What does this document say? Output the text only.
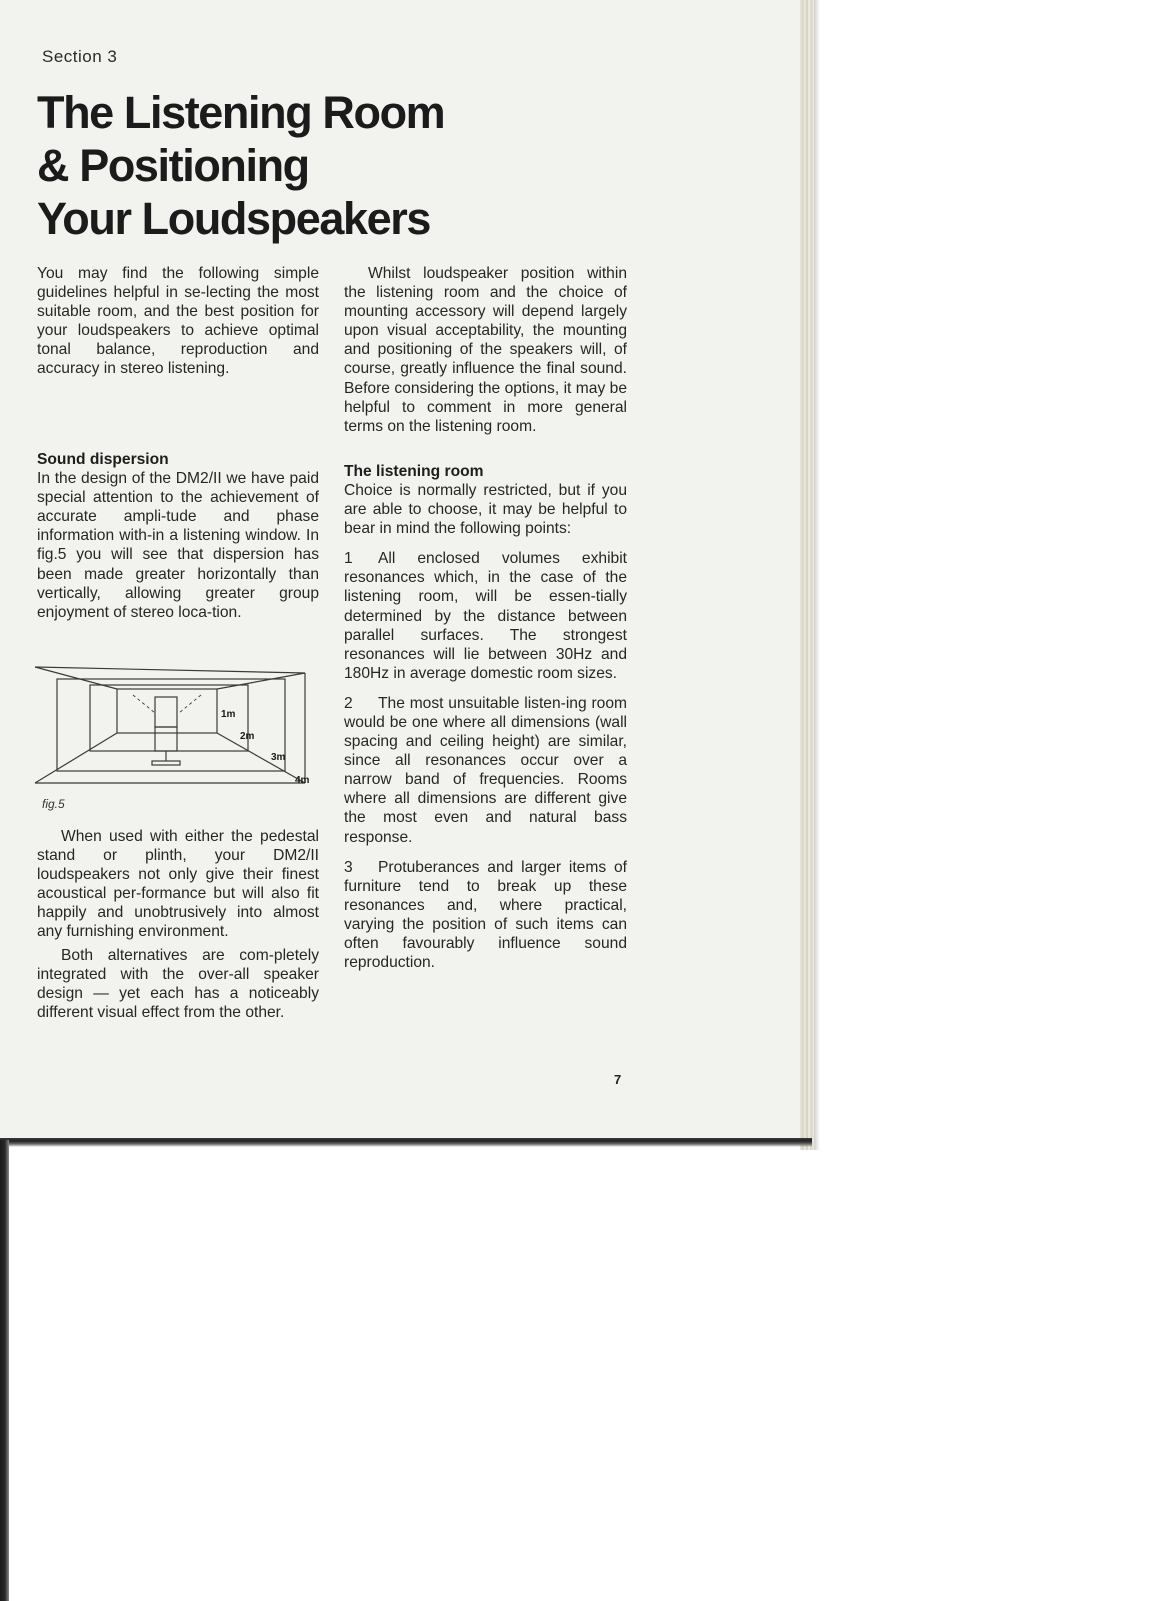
Section 3
The Listening Room
& Positioning
Your Loudspeakers

You may find the following simple guidelines helpful in se-lecting the most suitable room, and the best position for your loudspeakers to achieve optimal tonal balance, reproduction and accuracy in stereo listening.

Sound dispersion

In the design of the DM2/II we have paid special attention to the achievement of accurate ampli-tude and phase information with-in a listening window. In fig.5 you will see that dispersion has been made greater horizontally than vertically, allowing greater group enjoyment of stereo loca-tion.

1m
2m
3m
4m
fig.5

When used with either the pedestal stand or plinth, your DM2/II loudspeakers not only give their finest acoustical per-formance but will also fit happily and unobtrusively into almost any furnishing environment.

Both alternatives are com-pletely integrated with the over-all speaker design — yet each has a noticeably different visual effect from the other.

Whilst loudspeaker position within the listening room and the choice of mounting accessory will depend largely upon visual acceptability, the mounting and positioning of the speakers will, of course, greatly influence the final sound. Before considering the options, it may be helpful to comment in more general terms on the listening room.

The listening room

Choice is normally restricted, but if you are able to choose, it may be helpful to bear in mind the following points:

1 All enclosed volumes exhibit resonances which, in the case of the listening room, will be essen-tially determined by the distance between parallel surfaces. The strongest resonances will lie between 30Hz and 180Hz in average domestic room sizes.

2 The most unsuitable listen-ing room would be one where all dimensions (wall spacing and ceiling height) are similar, since all resonances occur over a narrow band of frequencies. Rooms where all dimensions are different give the most even and natural bass response.

3 Protuberances and larger items of furniture tend to break up these resonances and, where practical, varying the position of such items can often favourably influence sound reproduction.

7
